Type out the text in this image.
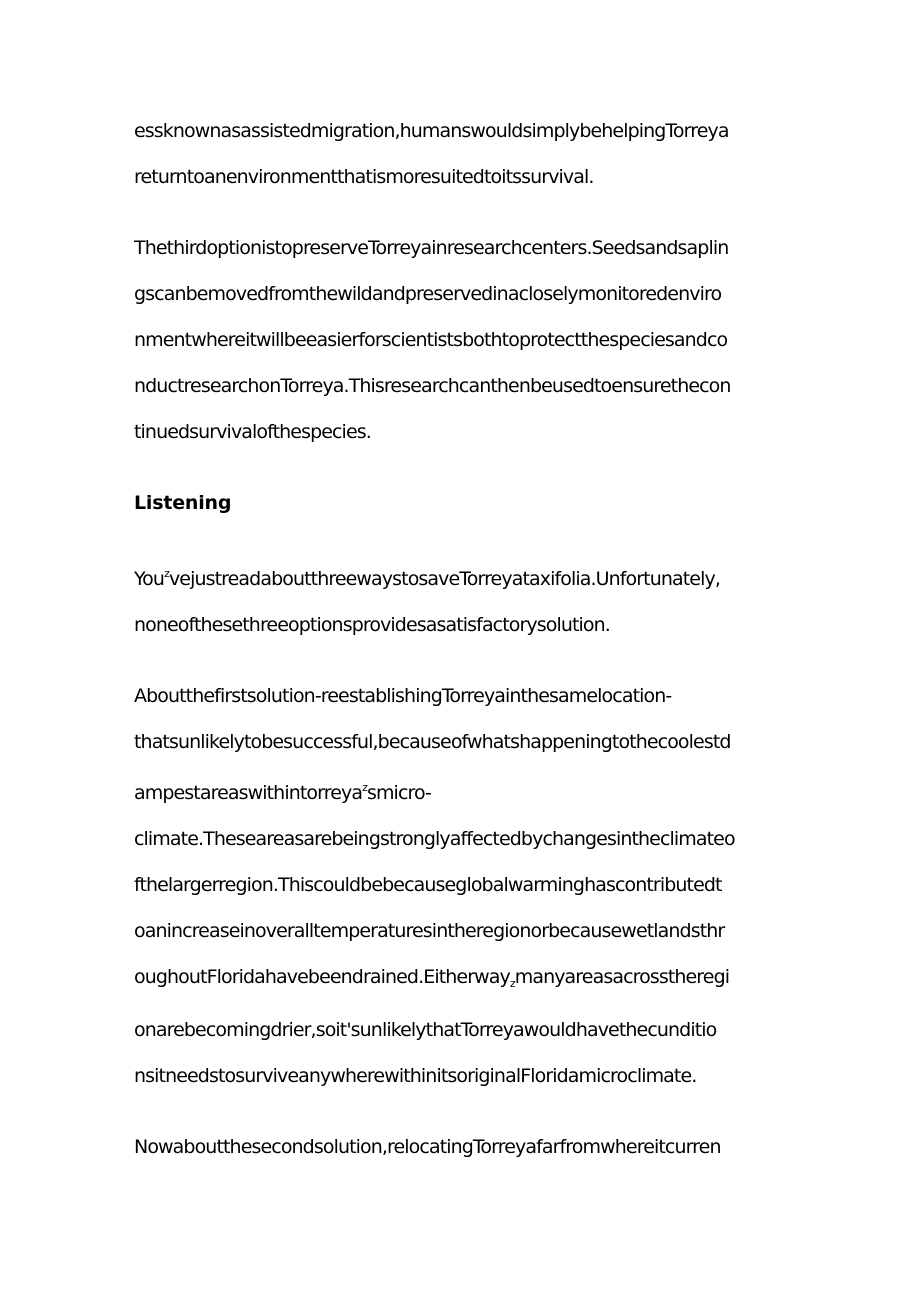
essknownasassistedmigration,humanswouldsimplybehelpingTorreya
returntoanenvironmentthatismoresuitedtoitssurvival.
ThethirdoptionistopreserveTorreyainresearchcenters.Seedsandsaplin
gscanbemovedfromthewildandpreservedinacloselymonitoredenviro
nmentwhereitwillbeeasierforscientistsbothtoprotectthespeciesandco
nductresearchonTorreya.Thisresearchcanthenbeusedtoensurethecon
tinuedsurvivalofthespecies.
Listening
You$^z$vejustreadaboutthreewaystosaveTorreyataxifolia.Unfortunately,
noneofthesethreeoptionsprovidesasatisfactorysolution.
Aboutthefirstsolution-reestablishingTorreyainthesamelocation-
thatsunlikelytobesuccessful,becauseofwhatshappeningtothecoolestd
ampestareaswithintorreya$^z$smicro-
climate.Theseareasarebeingstronglyaffectedbychangesintheclimateo
fthelargerregion.Thiscouldbebecauseglobalwarminghascontributedt
oanincreaseinoveralltemperaturesintheregionorbecausewetlandsthr
oughoutFloridahavebeendrained.Eitherway$_z$manyareasacrosstheregi
onarebecomingdrier,soit'sunlikelythatTorreyawouldhavethecunditio
nsitneedstosurviveanywherewithinitsoriginalFloridamicroclimate.
Nowaboutthesecondsolution,relocatingTorreyafarfromwhereitcurren
